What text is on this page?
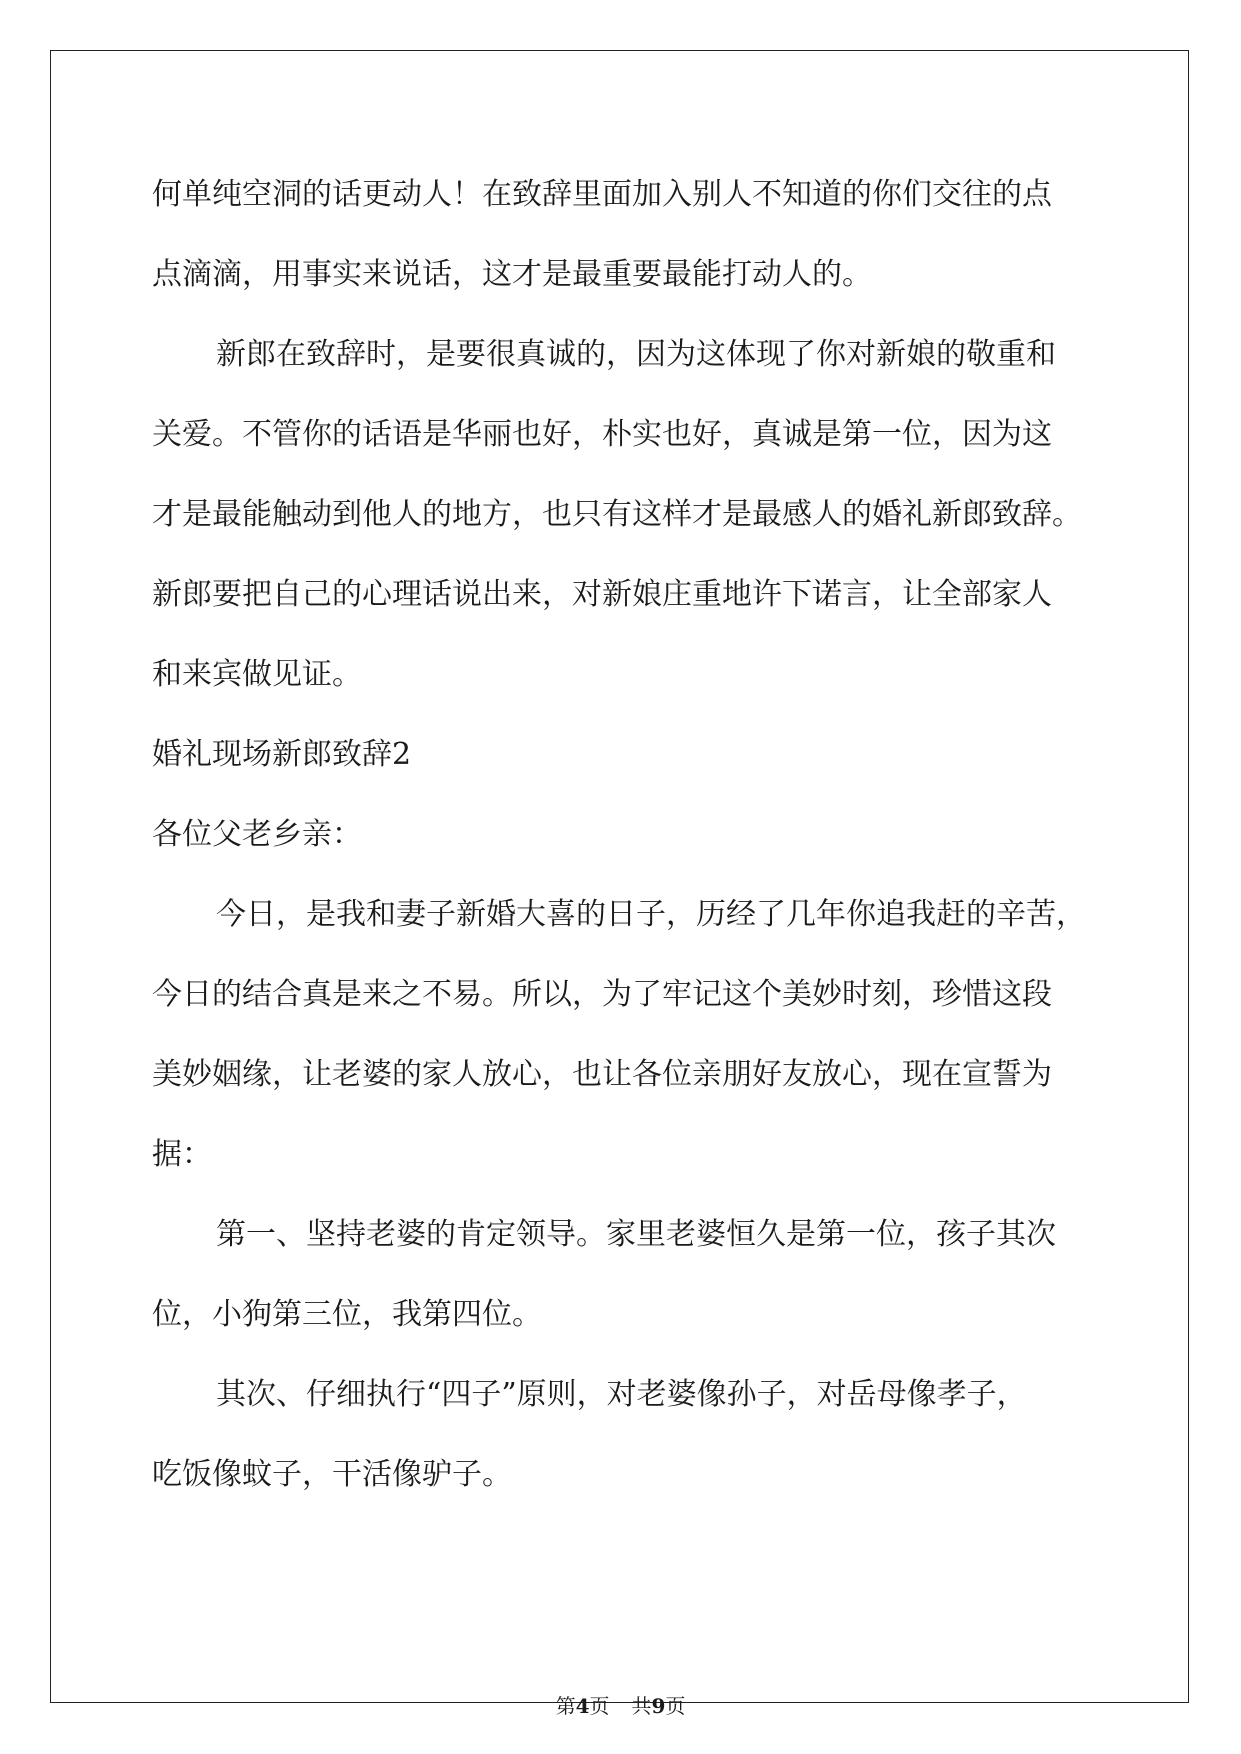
何单纯空洞的话更动人！在致辞里面加入别人不知道的你们交往的点
点滴滴，用事实来说话，这才是最重要最能打动人的。
新郎在致辞时，是要很真诚的，因为这体现了你对新娘的敬重和
关爱。不管你的话语是华丽也好，朴实也好，真诚是第一位，因为这
才是最能触动到他人的地方，也只有这样才是最感人的婚礼新郎致辞。
新郎要把自己的心理话说出来，对新娘庄重地许下诺言，让全部家人
和来宾做见证。
婚礼现场新郎致辞2
各位父老乡亲：
今日，是我和妻子新婚大喜的日子，历经了几年你追我赶的辛苦，
今日的结合真是来之不易。所以，为了牢记这个美妙时刻，珍惜这段
美妙姻缘，让老婆的家人放心，也让各位亲朋好友放心，现在宣誓为
据：
第一、坚持老婆的肯定领导。家里老婆恒久是第一位，孩子其次
位，小狗第三位，我第四位。
其次、仔细执行“四子”原则，对老婆像孙子，对岳母像孝子，
吃饭像蚊子，干活像驴子。
第4页 共9页
